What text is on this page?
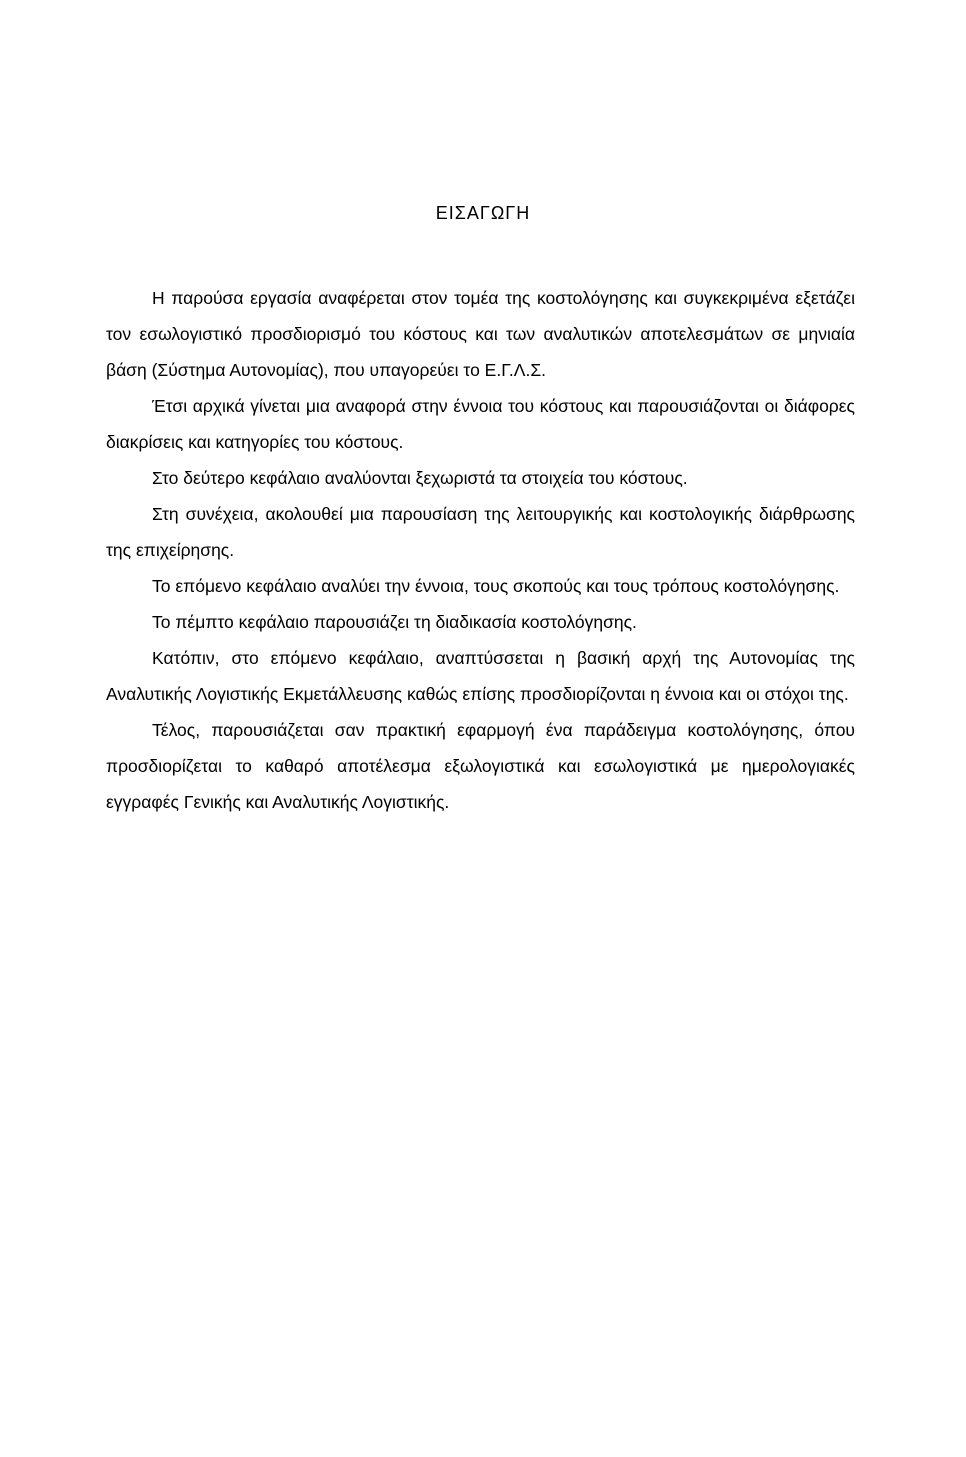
ΕΙΣΑΓΩΓΗ

Η παρούσα εργασία αναφέρεται στον τομέα της κοστολόγησης και συγκεκριμένα εξετάζει τον εσωλογιστικό προσδιορισμό του κόστους και των αναλυτικών αποτελεσμάτων σε μηνιαία βάση (Σύστημα Αυτονομίας), που υπαγορεύει το Ε.Γ.Λ.Σ.

Έτσι αρχικά γίνεται μια αναφορά στην έννοια του κόστους και παρουσιάζονται οι διάφορες διακρίσεις και κατηγορίες του κόστους.

Στο δεύτερο κεφάλαιο αναλύονται ξεχωριστά τα στοιχεία του κόστους.

Στη συνέχεια, ακολουθεί μια παρουσίαση της λειτουργικής και κοστολογικής διάρθρωσης της επιχείρησης.

Το επόμενο κεφάλαιο αναλύει την έννοια, τους σκοπούς και τους τρόπους κοστολόγησης.

Το πέμπτο κεφάλαιο παρουσιάζει τη διαδικασία κοστολόγησης.

Κατόπιν, στο επόμενο κεφάλαιο, αναπτύσσεται η βασική αρχή της Αυτονομίας της Αναλυτικής Λογιστικής Εκμετάλλευσης καθώς επίσης προσδιορίζονται η έννοια και οι στόχοι της.

Τέλος, παρουσιάζεται σαν πρακτική εφαρμογή ένα παράδειγμα κοστολόγησης, όπου προσδιορίζεται το καθαρό αποτέλεσμα εξωλογιστικά και εσωλογιστικά με ημερολογιακές εγγραφές Γενικής και Αναλυτικής Λογιστικής.
